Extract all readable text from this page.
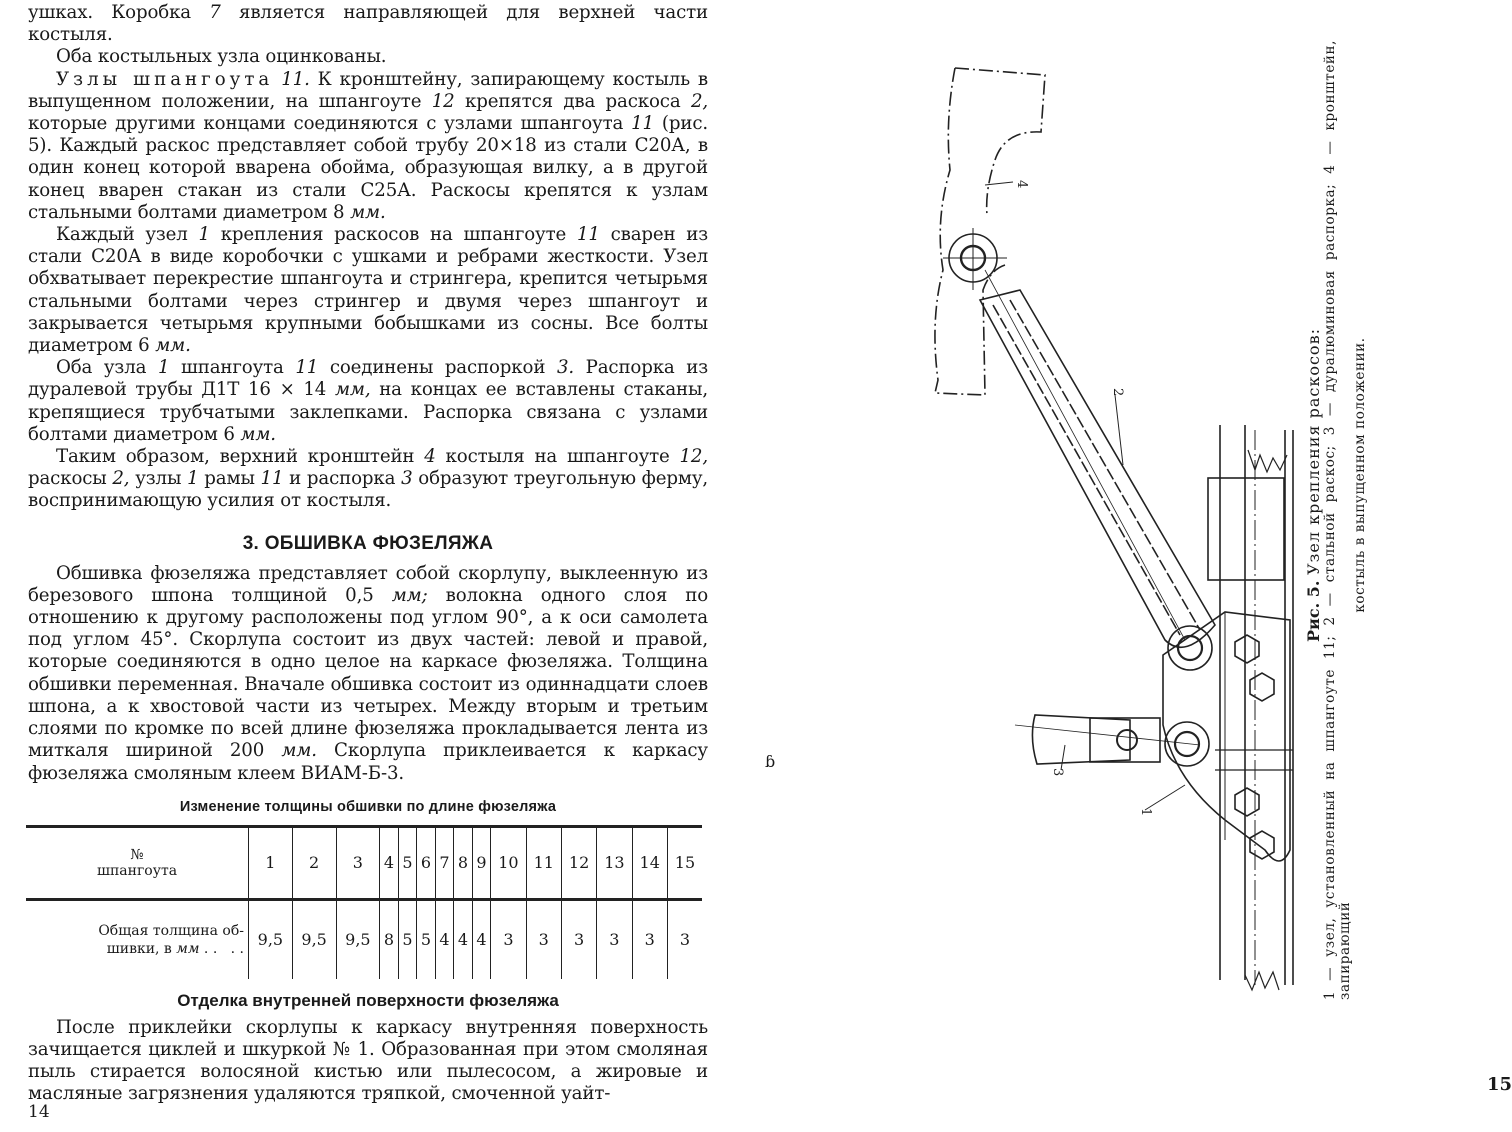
ушках. Коробка 7 является направляющей для верхней части костыля.

Оба костыльных узла оцинкованы.

Узлы шпангоута 11. К кронштейну, запирающему костыль в выпущенном положении, на шпангоуте 12 крепятся два раскоса 2, которые другими концами соединяются с узлами шпангоута 11 (рис. 5). Каждый раскос представляет собой трубу 20×18 из стали С20А, в один конец которой вварена обойма, образующая вилку, а в другой конец вварен стакан из стали С25А. Раскосы крепятся к узлам стальными болтами диаметром 8 мм.

Каждый узел 1 крепления раскосов на шпангоуте 11 сварен из стали С20А в виде коробочки с ушками и ребрами жесткости. Узел обхватывает перекрестие шпангоута и стрингера, крепится четырьмя стальными болтами через стрингер и двумя через шпангоут и закрывается четырьмя крупными бобышками из сосны. Все болты диаметром 6 мм.

Оба узла 1 шпангоута 11 соединены распоркой 3. Распорка из дуралевой трубы Д1Т 16 × 14 мм, на концах ее вставлены стаканы, крепящиеся трубчатыми заклепками. Распорка связана с узлами болтами диаметром 6 мм.

Таким образом, верхний кронштейн 4 костыля на шпангоуте 12, раскосы 2, узлы 1 рамы 11 и распорка 3 образуют треугольную ферму, воспринимающую усилия от костыля.

3. ОБШИВКА ФЮЗЕЛЯЖА

Обшивка фюзеляжа представляет собой скорлупу, выклеенную из березового шпона толщиной 0,5 мм; волокна одного слоя по отношению к другому расположены под углом 90°, а к оси самолета под углом 45°. Скорлупа состоит из двух частей: левой и правой, которые соединяются в одно целое на каркасе фюзеляжа. Толщина обшивки переменная. Вначале обшивка состоит из одиннадцати слоев шпона, а к хвостовой части из четырех. Между вторым и третьим слоями по кромке по всей длине фюзеляжа прокладывается лента из миткаля шириной 200 мм. Скорлупа приклеивается к каркасу фюзеляжа смоляным клеем ВИАМ-Б-3.

Изменение толщины обшивки по длине фюзеляжа
№
шпангоута	1	2	3	4	5	6	7	8	9	10	11	12	13	14	15

Общая толщина об-
шивки, в мм . .   . .	9,5	9,5	9,5	8	5	5	4	4	4	3	3	3	3	3	3
Отделка внутренней поверхности фюзеляжа

После приклейки скорлупы к каркасу внутренняя поверхность зачищается циклей и шкуркой № 1. Образованная при этом смоляная пыль стирается волосяной кистью или пылесосом, а жировые и масляные загрязнения удаляются тряпкой, смоченной уайт-

14
ɓ
4
2
3
1
15
Рис. 5. Узел крепления раскосов: 1 — узел, установленный на шпангоуте 11; 2 — стальной раскос; 3 — дуралюминовая распорка; 4 — кронштейн, запирающий
костыль в выпущенном положении.
